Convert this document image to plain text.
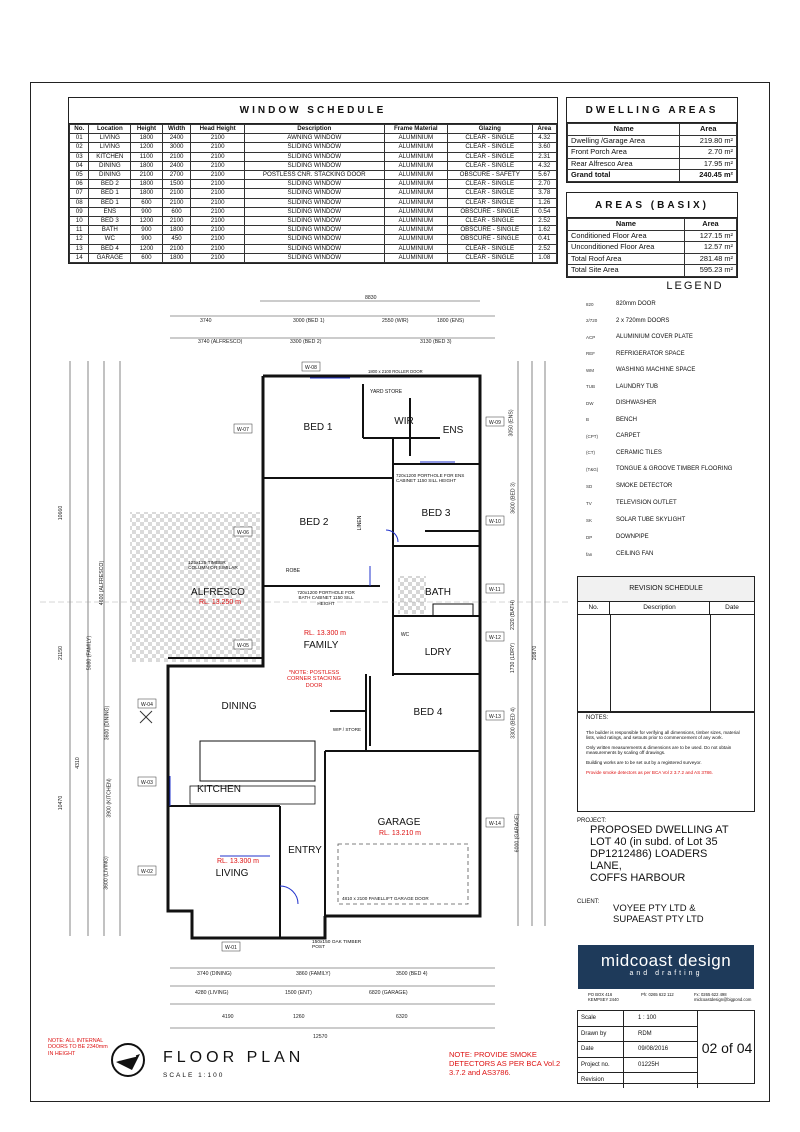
WINDOW SCHEDULE
No.	Location	Height	Width	Head Height	Description	Frame Material	Glazing	Area
01	LIVING	1800	2400	2100	AWNING WINDOW	ALUMINIUM	CLEAR - SINGLE	4.32
02	LIVING	1200	3000	2100	SLIDING WINDOW	ALUMINIUM	CLEAR - SINGLE	3.60
03	KITCHEN	1100	2100	2100	SLIDING WINDOW	ALUMINIUM	CLEAR - SINGLE	2.31
04	DINING	1800	2400	2100	SLIDING WINDOW	ALUMINIUM	CLEAR - SINGLE	4.32
05	DINING	2100	2700	2100	POSTLESS CNR. STACKING DOOR	ALUMINIUM	OBSCURE - SAFETY	5.67
06	BED 2	1800	1500	2100	SLIDING WINDOW	ALUMINIUM	CLEAR - SINGLE	2.70
07	BED 1	1800	2100	2100	SLIDING WINDOW	ALUMINIUM	CLEAR - SINGLE	3.78
08	BED 1	600	2100	2100	SLIDING WINDOW	ALUMINIUM	CLEAR - SINGLE	1.26
09	ENS	900	600	2100	SLIDING WINDOW	ALUMINIUM	OBSCURE - SINGLE	0.54
10	BED 3	1200	2100	2100	SLIDING WINDOW	ALUMINIUM	CLEAR - SINGLE	2.52
11	BATH	900	1800	2100	SLIDING WINDOW	ALUMINIUM	OBSCURE - SINGLE	1.62
12	WC	900	450	2100	SLIDING WINDOW	ALUMINIUM	OBSCURE - SINGLE	0.41
13	BED 4	1200	2100	2100	SLIDING WINDOW	ALUMINIUM	CLEAR - SINGLE	2.52
14	GARAGE	600	1800	2100	SLIDING WINDOW	ALUMINIUM	CLEAR - SINGLE	1.08
DWELLING AREAS
Name	Area
Dwelling /Garage Area	219.80 m²
Front Porch Area	2.70 m²
Rear Alfresco Area	17.95 m²
Grand total	240.45 m²
AREAS (BASIX)
Name	Area
Conditioned Floor Area	127.15 m²
Unconditioned Floor Area	12.57 m²
Total Roof Area	281.48 m²
Total Site Area	595.23 m²
LEGEND
820	820mm DOOR
2/720	2 x 720mm DOORS
ACP	ALUMINIUM COVER PLATE
REF	REFRIGERATOR SPACE
WM	WASHING MACHINE SPACE
TUB	LAUNDRY TUB
DW	DISHWASHER
B	BENCH
(CPT)	CARPET
(CT)	CERAMIC TILES
(T&G)	TONGUE & GROOVE TIMBER FLOORING
SD	SMOKE DETECTOR
TV	TELEVISION OUTLET
SK	SOLAR TUBE SKYLIGHT
DP	DOWNPIPE
fan	CEILING FAN
REVISION SCHEDULE
No.	Description	Date
NOTES:
The builder is responsible for verifying all dimensions, timber sizes, material lists, wind ratings, and setouts prior to commencement of any work.
Only written measurements & dimensions are to be used. Do not obtain measurements by scaling off drawings.
Building works are to be set out by a registered surveyor.
Provide smoke detectors as per BCA Vol 2 3.7.2 and AS 3786.
PROJECT:
PROPOSED DWELLING AT
LOT 40 (in subd. of Lot 35
DP1212486) LOADERS
LANE,
COFFS HARBOUR
CLIENT:
VOYEE PTY LTD &
SUPAEAST PTY LTD
midcoast design
and drafting
PO BOX 416 KEMPSEY 2440
Ph: 0265 622 112	Fx: 0265 622 498
midcoastdesign@bigpond.com
Scale	1 : 100
Drawn by	RDM
Date	09/08/2016
Project no.	01225H
Revision
02 of 04
NOTE: ALL INTERNAL DOORS TO BE 2340mm IN HEIGHT	FLOOR PLAN
SCALE 1:100
NOTE: PROVIDE SMOKE DETECTORS AS PER BCA Vol.2 3.7.2 and AS3786.
W-08
W-07
W-09
W-06
W-10
W-05
W-11
W-12
W-04
W-13
W-03
W-14
W-02
W-01
BED 1
WIR
ENS
BED 2
BED 3
ALFRESCO
FAMILY
BATH
LDRY
DINING
BED 4
KITCHEN
GARAGE
ENTRY
LIVING
LINEN
ROBE
WC
WIP / STORE
RL. 13.250 m
RL. 13.300 m
RL. 13.210 m
RL. 13.300 m
*NOTE: POSTLESS CORNER STACKING DOOR
720x1200 PORTHOLE FOR ENS CABINET 1150 SILL HEIGHT
720x1200 PORTHOLE FOR BATH CABINET 1150 SILL HEIGHT
125x125 TIMBER COLUMN OR SIMILAR
150x150 OAK TIMBER POST
4810 x 2100 PANELLIFT GARAGE DOOR
YARD STORE
1800 x 2100 ROLLER DOOR
8830
3740	3000 (BED 1)	2550 (WIR)	1800 (ENS)
3740 (ALFRESCO)	3300 (BED 2)	3130 (BED 3)
3740 (DINING)	3860 (FAMILY)	3500 (BED 4)
4280 (LIVING)	1500 (ENT)	6820 (GARAGE)
4190	1260	6320
12570
10660
21150
10470
4310
5080 (FAMILY)
4600 (ALFRESCO)
3600 (DINING)
3900 (KITCHEN)
3600 (LIVING)
3050 (ENS)
3600 (BED 3)
2320 (BATH)
1730 (LDRY)	20870
3300 (BED 4)
6000 (GARAGE)
